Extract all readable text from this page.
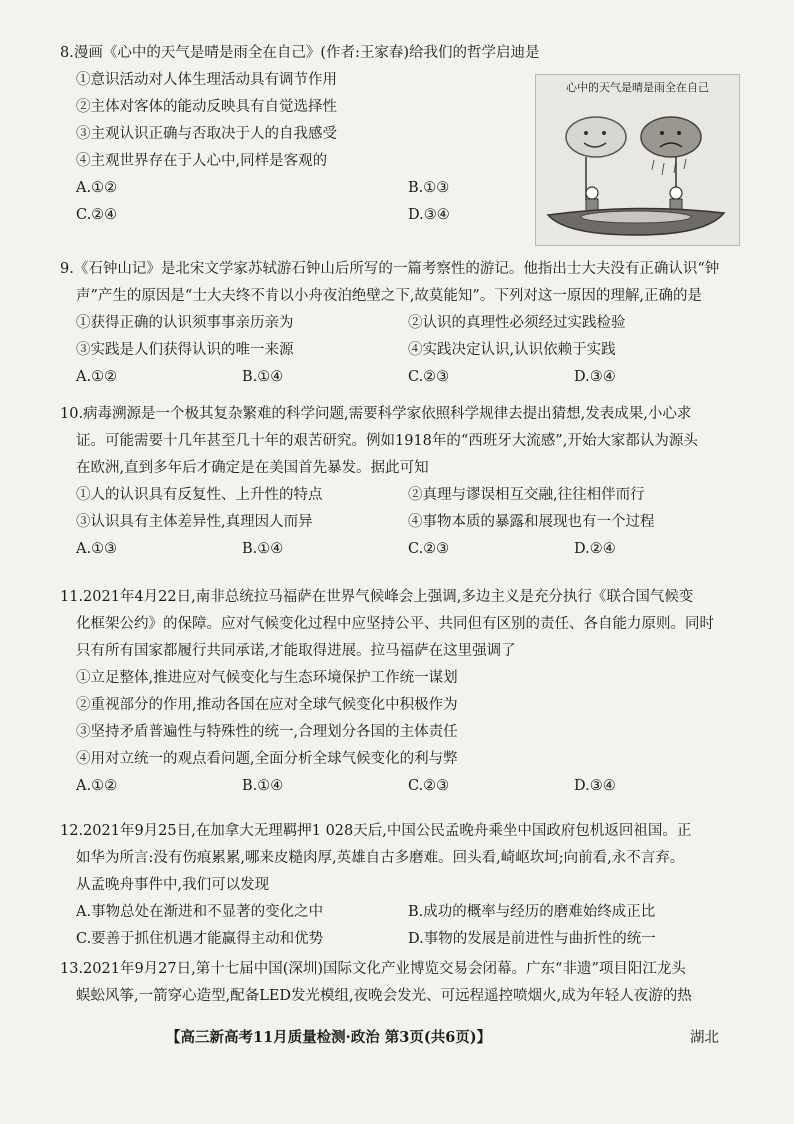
8.漫画《心中的天气是晴是雨全在自己》(作者:王家春)给我们的哲学启迪是
①意识活动对人体生理活动具有调节作用
②主体对客体的能动反映具有自觉选择性
③主观认识正确与否取决于人的自我感受
④主观世界存在于人心中,同样是客观的
A.①②	B.①③
C.②④	D.③④
心中的天气是晴是雨全在自己
9.《石钟山记》是北宋文学家苏轼游石钟山后所写的一篇考察性的游记。他指出士大夫没有正确认识“钟
声”产生的原因是“士大夫终不肯以小舟夜泊绝壁之下,故莫能知”。下列对这一原因的理解,正确的是
①获得正确的认识须事事亲历亲为	②认识的真理性必须经过实践检验
③实践是人们获得认识的唯一来源	④实践决定认识,认识依赖于实践
A.①②	B.①④	C.②③	D.③④
10.病毒溯源是一个极其复杂繁难的科学问题,需要科学家依照科学规律去提出猜想,发表成果,小心求
证。可能需要十几年甚至几十年的艰苦研究。例如1918年的“西班牙大流感”,开始大家都认为源头
在欧洲,直到多年后才确定是在美国首先暴发。据此可知
①人的认识具有反复性、上升性的特点	②真理与谬误相互交融,往往相伴而行
③认识具有主体差异性,真理因人而异	④事物本质的暴露和展现也有一个过程
A.①③	B.①④	C.②③	D.②④
11.2021年4月22日,南非总统拉马福萨在世界气候峰会上强调,多边主义是充分执行《联合国气候变
化框架公约》的保障。应对气候变化过程中应坚持公平、共同但有区别的责任、各自能力原则。同时
只有所有国家都履行共同承诺,才能取得进展。拉马福萨在这里强调了
①立足整体,推进应对气候变化与生态环境保护工作统一谋划
②重视部分的作用,推动各国在应对全球气候变化中积极作为
③坚持矛盾普遍性与特殊性的统一,合理划分各国的主体责任
④用对立统一的观点看问题,全面分析全球气候变化的利与弊
A.①②	B.①④	C.②③	D.③④
12.2021年9月25日,在加拿大无理羁押1 028天后,中国公民孟晚舟乘坐中国政府包机返回祖国。正
如华为所言:没有伤痕累累,哪来皮糙肉厚,英雄自古多磨难。回头看,崎岖坎坷;向前看,永不言弃。
从孟晚舟事件中,我们可以发现
A.事物总处在渐进和不显著的变化之中	B.成功的概率与经历的磨难始终成正比
C.要善于抓住机遇才能赢得主动和优势	D.事物的发展是前进性与曲折性的统一
13.2021年9月27日,第十七届中国(深圳)国际文化产业博览交易会闭幕。广东“非遗”项目阳江龙头
蜈蚣风筝,一箭穿心造型,配备LED发光模组,夜晚会发光、可远程遥控喷烟火,成为年轻人夜游的热
【高三新高考11月质量检测·政治 第3页(共6页)】	湖北
